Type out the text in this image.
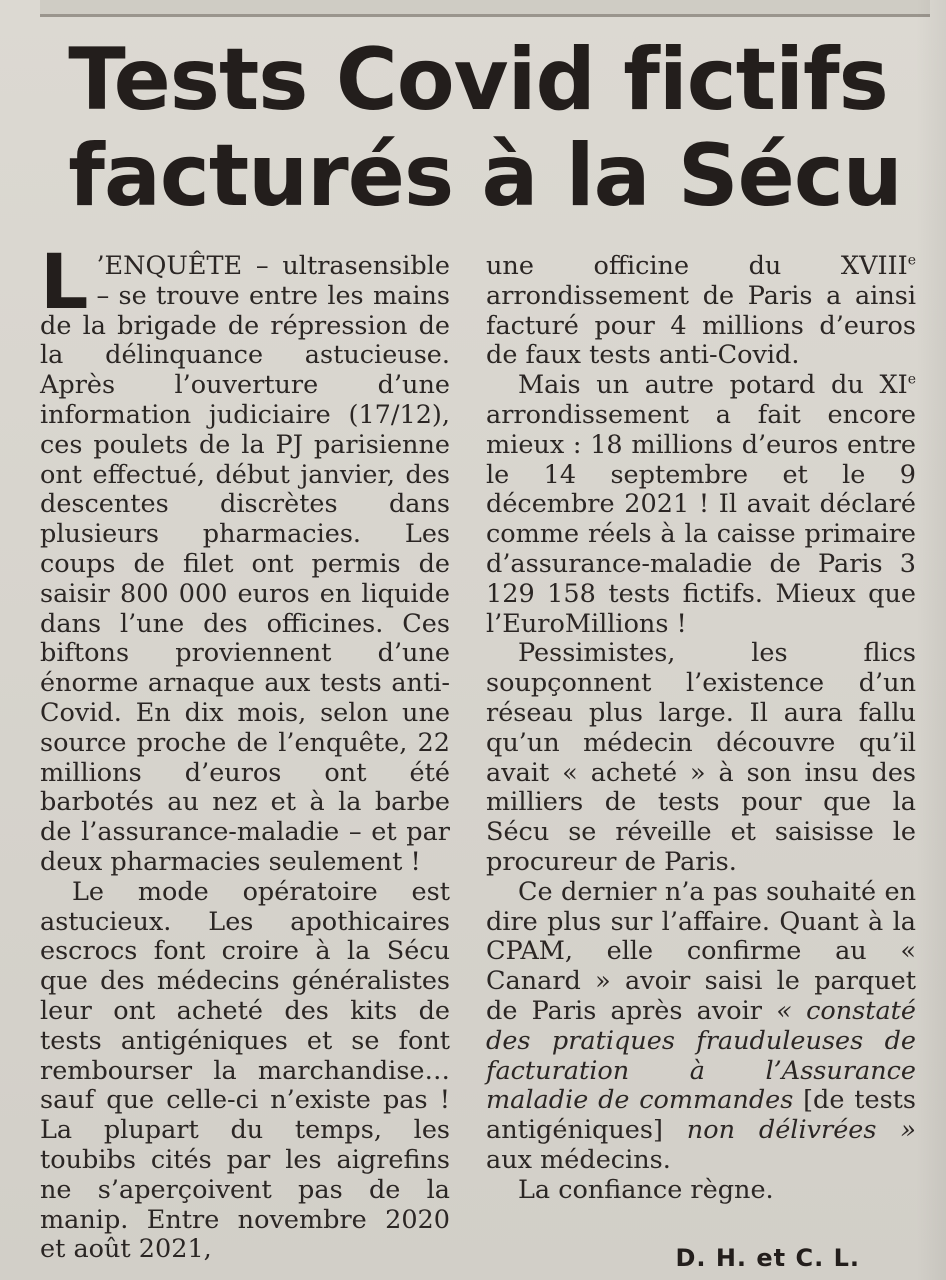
Tests Covid fictifs
facturés à la Sécu

L ’ENQUÊTE – ultrasensible – se trouve entre les mains de la brigade de répression de la délinquance astucieuse. Après l’ouverture d’une information judiciaire (17/12), ces poulets de la PJ parisienne ont effectué, début janvier, des descentes discrètes dans plusieurs pharmacies. Les coups de filet ont permis de saisir 800 000 euros en liquide dans l’une des officines. Ces biftons proviennent d’une énorme arnaque aux tests anti-Covid. En dix mois, selon une source proche de l’enquête, 22 millions d’euros ont été barbotés au nez et à la barbe de l’assurance-maladie – et par deux pharmacies seulement !

Le mode opératoire est astucieux. Les apothicaires escrocs font croire à la Sécu que des médecins généralistes leur ont acheté des kits de tests antigéniques et se font rembourser la marchandise… sauf que celle-ci n’existe pas ! La plupart du temps, les toubibs cités par les aigrefins ne s’aperçoivent pas de la manip. Entre novembre 2020 et août 2021,

une officine du XVIIIe arrondissement de Paris a ainsi facturé pour 4 millions d’euros de faux tests anti-Covid.

Mais un autre potard du XIe arrondissement a fait encore mieux : 18 millions d’euros entre le 14 septembre et le 9 décembre 2021 ! Il avait déclaré comme réels à la caisse primaire d’assurance-maladie de Paris 3 129 158 tests fictifs. Mieux que l’EuroMillions !

Pessimistes, les flics soupçonnent l’existence d’un réseau plus large. Il aura fallu qu’un médecin découvre qu’il avait « acheté » à son insu des milliers de tests pour que la Sécu se réveille et saisisse le procureur de Paris.

Ce dernier n’a pas souhaité en dire plus sur l’affaire. Quant à la CPAM, elle confirme au « Canard » avoir saisi le parquet de Paris après avoir « constaté des pratiques frauduleuses de facturation à l’Assurance maladie de commandes [de tests antigéniques] non délivrées » aux médecins.

La confiance règne.

D. H. et C. L.
